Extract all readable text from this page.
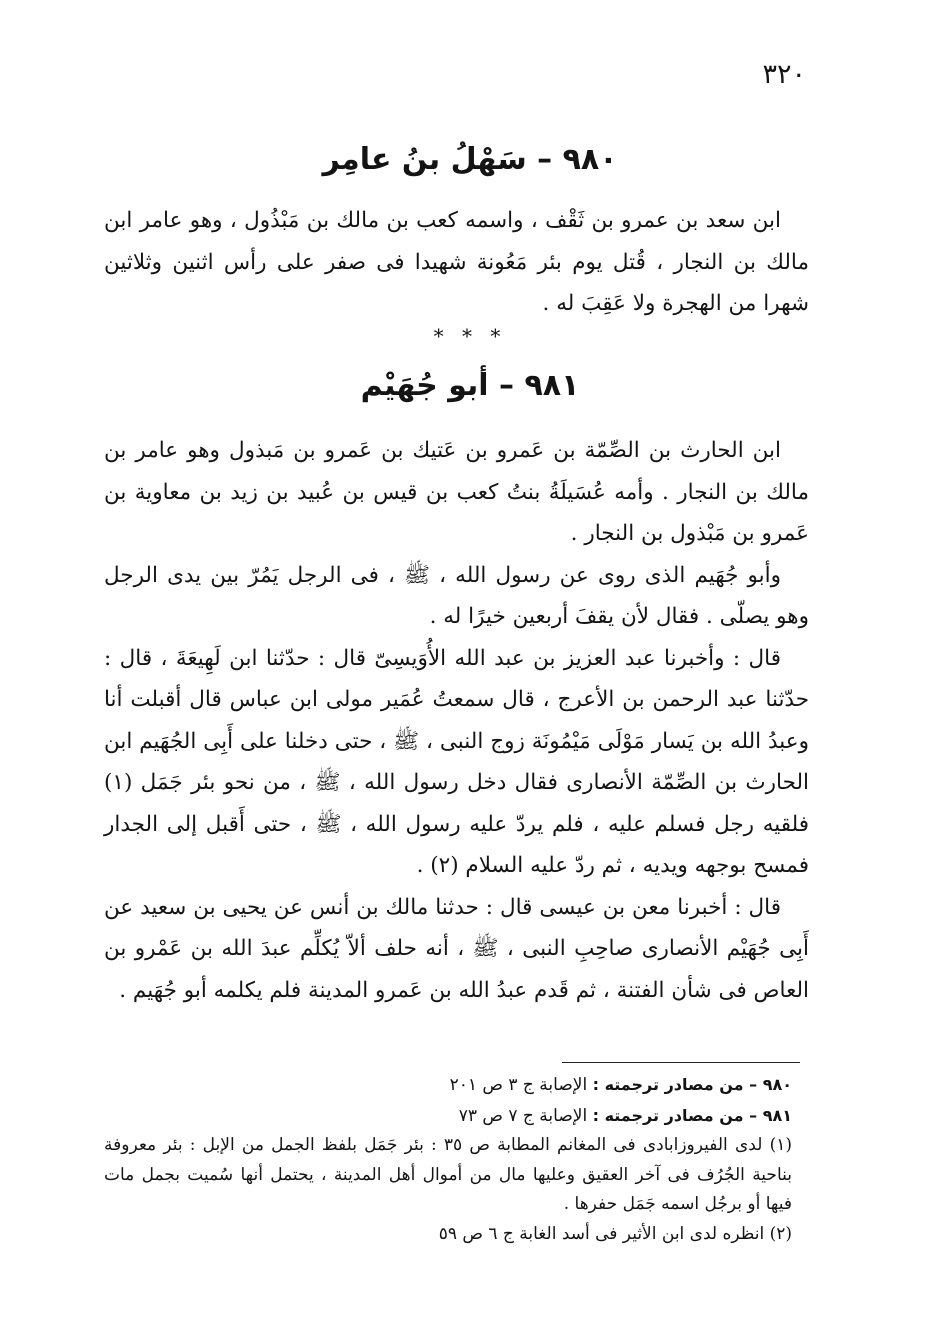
٣٢٠
٩٨٠ – سَهْلُ بنُ عامِر

ابن سعد بن عمرو بن ثَقْف ، واسمه كعب بن مالك بن مَبْذُول ، وهو عامر ابن مالك بن النجار ، قُتل يوم بئر مَعُونة شهيدا فى صفر على رأس اثنين وثلاثين شهرا من الهجرة ولا عَقِبَ له .

* * *
٩٨١ – أبو جُهَيْم

ابن الحارث بن الصِّمّة بن عَمرو بن عَتيك بن عَمرو بن مَبذول وهو عامر بن مالك بن النجار . وأمه عُسَيلَةُ بنتُ كعب بن قيس بن عُبيد بن زيد بن معاوية بن عَمرو بن مَبْذول بن النجار .

وأبو جُهَيم الذى روى عن رسول الله ، ﷺ ، فى الرجل يَمُرّ بين يدى الرجل وهو يصلّى . فقال لأن يقفَ أربعين خيرًا له .

قال : وأخبرنا عبد العزيز بن عبد الله الأُوَيسِىّ قال : حدّثنا ابن لَهِيعَةَ ، قال : حدّثنا عبد الرحمن بن الأعرج ، قال سمعتُ عُمَير مولى ابن عباس قال أقبلت أنا وعبدُ الله بن يَسار مَوْلَى مَيْمُونَة زوج النبى ، ﷺ ، حتى دخلنا على أَبِى الجُهَيم ابن الحارث بن الصِّمّة الأنصارى فقال دخل رسول الله ، ﷺ ، من نحو بئر جَمَل (١) فلقيه رجل فسلم عليه ، فلم يردّ عليه رسول الله ، ﷺ ، حتى أَقبل إلى الجدار فمسح بوجهه ويديه ، ثم ردّ عليه السلام (٢) .

قال : أخبرنا معن بن عيسى قال : حدثنا مالك بن أنس عن يحيى بن سعيد عن أَبِى جُهَيْم الأنصارى صاحِبِ النبى ، ﷺ ، أنه حلف ألاّ يُكلِّم عبدَ الله بن عَمْرو بن العاص فى شأن الفتنة ، ثم قَدم عبدُ الله بن عَمرو المدينة فلم يكلمه أبو جُهَيم .

٩٨٠ – من مصادر ترجمته : الإصابة ج ٣ ص ٢٠١

٩٨١ – من مصادر ترجمته : الإصابة ج ٧ ص ٧٣

(١) لدى الفيروزابادى فى المغانم المطابة ص ٣٥ : بئر جَمَل بلفظ الجمل من الإبل : بئر معروفة بناحية الجُرُف فى آخر العقيق وعليها مال من أموال أهل المدينة ، يحتمل أنها سُميت بجمل مات فيها أو برجُل اسمه جَمَل حفرها .

(٢) انظره لدى ابن الأثير فى أسد الغابة ج ٦ ص ٥٩
